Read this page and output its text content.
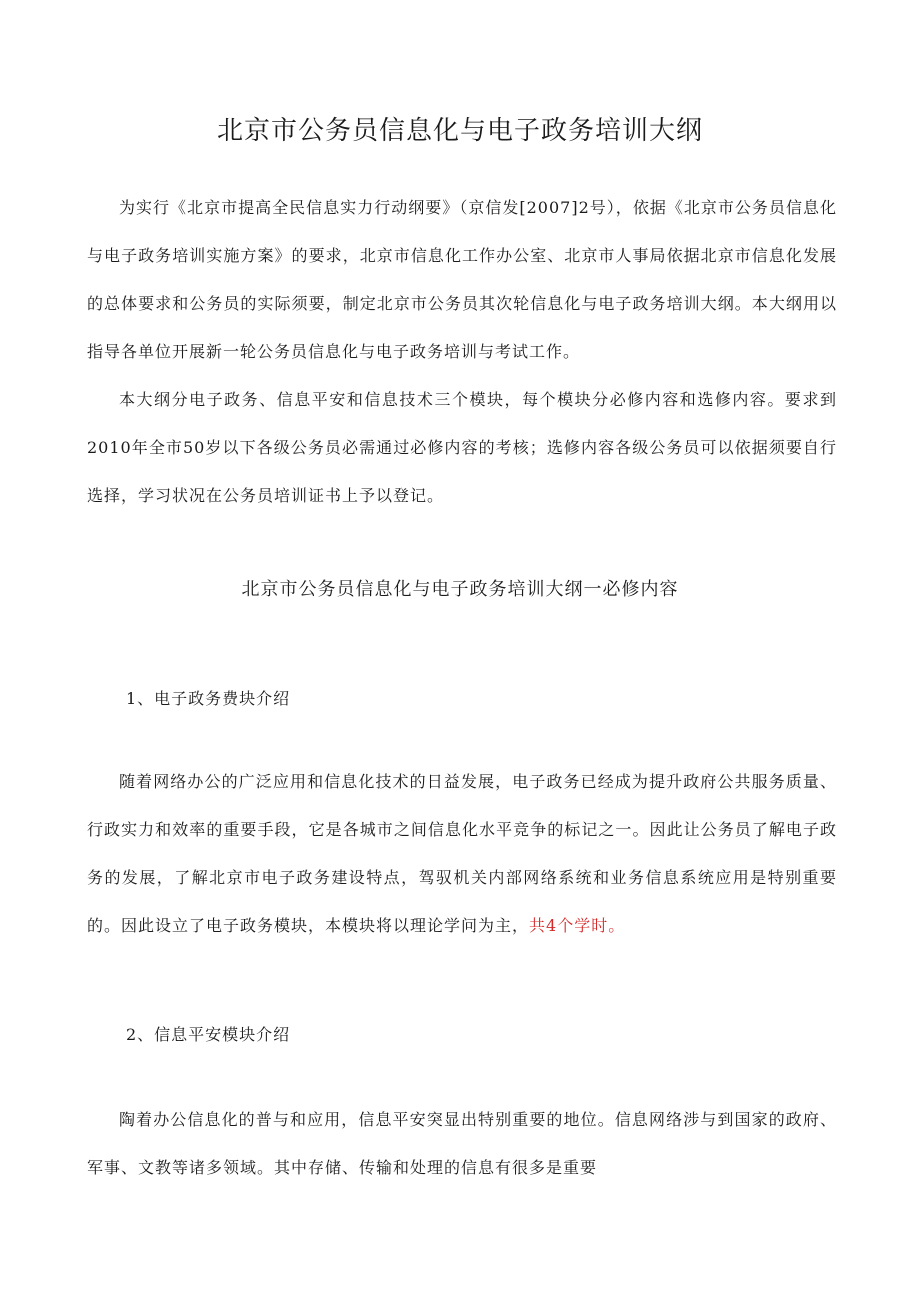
北京市公务员信息化与电子政务培训大纲

为实行《北京市提高全民信息实力行动纲要》（京信发[2007]2号），依据《北京市公务员信息化与电子政务培训实施方案》的要求，北京市信息化工作办公室、北京市人事局依据北京市信息化发展的总体要求和公务员的实际须要，制定北京市公务员其次轮信息化与电子政务培训大纲。本大纲用以指导各单位开展新一轮公务员信息化与电子政务培训与考试工作。

本大纲分电子政务、信息平安和信息技术三个模块，每个模块分必修内容和选修内容。要求到2010年全市50岁以下各级公务员必需通过必修内容的考核；选修内容各级公务员可以依据须要自行选择，学习状况在公务员培训证书上予以登记。

北京市公务员信息化与电子政务培训大纲一必修内容
1、电子政务费块介绍

随着网络办公的广泛应用和信息化技术的日益发展，电子政务已经成为提升政府公共服务质量、行政实力和效率的重要手段，它是各城市之间信息化水平竞争的标记之一。因此让公务员了解电子政务的发展，了解北京市电子政务建设特点，驾驭机关内部网络系统和业务信息系统应用是特别重要的。因此设立了电子政务模块，本模块将以理论学问为主，共4个学时。

2、信息平安模块介绍

陶着办公信息化的普与和应用，信息平安突显出特别重要的地位。信息网络涉与到国家的政府、军事、文教等诸多领域。其中存储、传输和处理的信息有很多是重要
